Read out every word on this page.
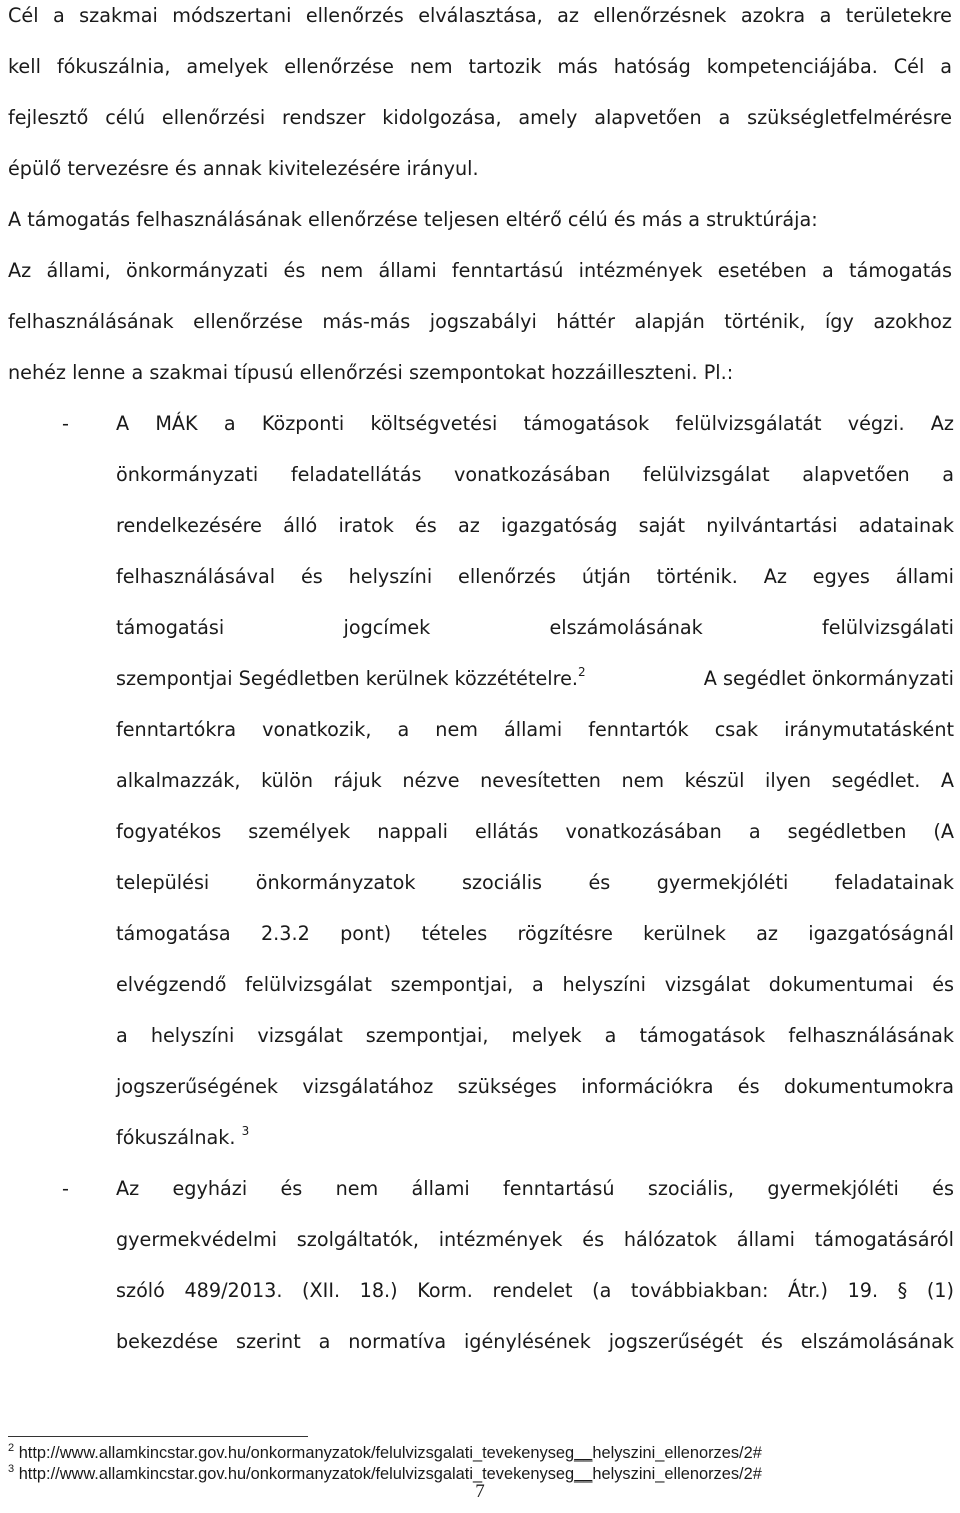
Cél a szakmai módszertani ellenőrzés elválasztása, az ellenőrzésnek azokra a területekre
kell fókuszálnia, amelyek ellenőrzése nem tartozik más hatóság kompetenciájába. Cél a
fejlesztő célú ellenőrzési rendszer kidolgozása, amely alapvetően a szükségletfelmérésre
épülő tervezésre és annak kivitelezésére irányul.
A támogatás felhasználásának ellenőrzése teljesen eltérő célú és más a struktúrája:
Az állami, önkormányzati és nem állami fenntartású intézmények esetében a támogatás
felhasználásának ellenőrzése más-más jogszabályi háttér alapján történik, így azokhoz
nehéz lenne a szakmai típusú ellenőrzési szempontokat hozzáilleszteni. Pl.:
- A MÁK a Központi költségvetési támogatások felülvizsgálatát végzi. Az
önkormányzati feladatellátás vonatkozásában felülvizsgálat alapvetően a
rendelkezésére álló iratok és az igazgatóság saját nyilvántartási adatainak
felhasználásával és helyszíni ellenőrzés útján történik. Az egyes állami
támogatási jogcímek elszámolásának felülvizsgálati
szempontjai Segédletben kerülnek közzétételre.$^2$	A segédlet önkormányzati
fenntartókra vonatkozik, a nem állami fenntartók csak iránymutatásként
alkalmazzák, külön rájuk nézve nevesítetten nem készül ilyen segédlet. A
fogyatékos személyek nappali ellátás vonatkozásában a segédletben (A
települési önkormányzatok szociális és gyermekjóléti feladatainak
támogatása 2.3.2 pont) tételes rögzítésre kerülnek az igazgatóságnál
elvégzendő felülvizsgálat szempontjai, a helyszíni vizsgálat dokumentumai és
a helyszíni vizsgálat szempontjai, melyek a támogatások felhasználásának
jogszerűségének vizsgálatához szükséges információkra és dokumentumokra
fókuszálnak. $^3$
- Az egyházi és nem állami fenntartású szociális, gyermekjóléti és
gyermekvédelmi szolgáltatók, intézmények és hálózatok állami támogatásáról
szóló 489/2013. (XII. 18.) Korm. rendelet (a továbbiakban: Átr.) 19. § (1)
bekezdése szerint a normatíva igénylésének jogszerűségét és elszámolásának
$^2$ http://www.allamkincstar.gov.hu/onkormanyzatok/felulvizsgalati_tevekenyseg__helyszini_ellenorzes/2#
$^3$ http://www.allamkincstar.gov.hu/onkormanyzatok/felulvizsgalati_tevekenyseg__helyszini_ellenorzes/2#
7
